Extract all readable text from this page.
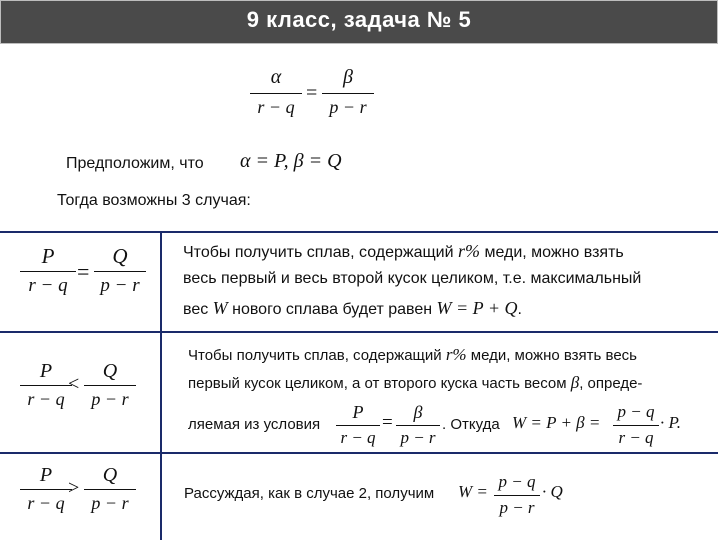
9 класс, задача № 5
α
r − q
=
β
p − r
Предположим, что α = P, β = Q
Тогда возможны 3 случая:
P
r − q
=
Q
p − r
Чтобы получить сплав, содержащий r% меди, можно взять
весь первый и весь второй кусок целиком, т.е. максимальный
вес W нового сплава будет равен W = P + Q.
P
r − q
<
Q
p − r
Чтобы получить сплав, содержащий r% меди, можно взять весь
первый кусок целиком, а от второго куска часть весом β, опреде-
ляемая из условия
P
r − q
=	β
p − r
. Откуда W = P + β =
p − q
r − q
· P.
P
r − q
>
Q
p − r	Рассуждая, как в случае 2, получим W =
p − q
p − r
· Q
